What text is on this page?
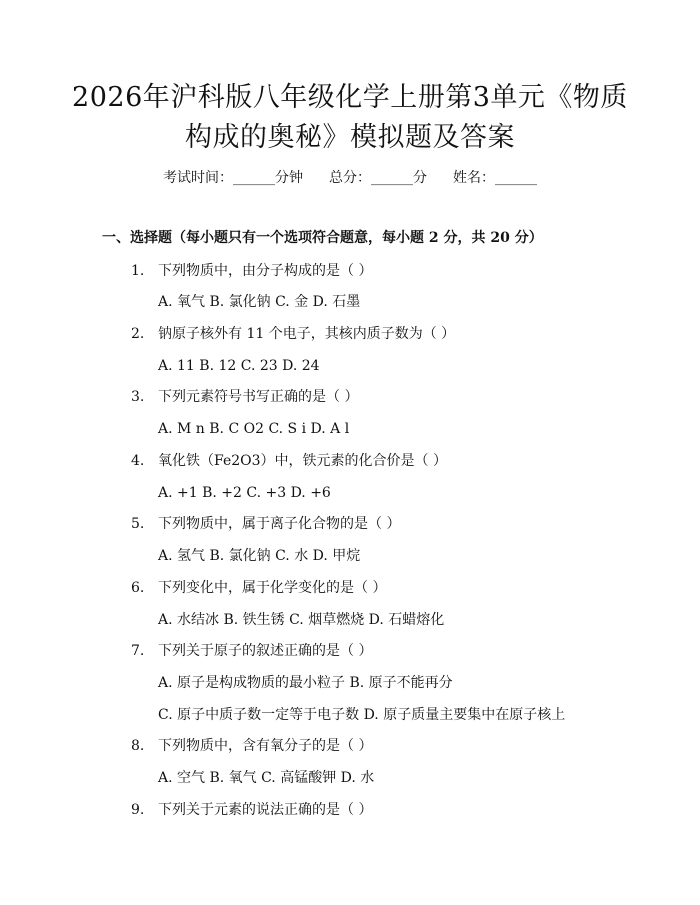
2026年沪科版八年级化学上册第3单元《物质构成的奥秘》模拟题及答案
考试时间：______分钟 总分：______分 姓名：______
一、选择题（每小题只有一个选项符合题意，每小题 2 分，共 20 分）
1. 下列物质中，由分子构成的是（ ）
A. 氧气 B. 氯化钠 C. 金 D. 石墨
2. 钠原子核外有 11 个电子，其核内质子数为（ ）
A. 11 B. 12 C. 23 D. 24
3. 下列元素符号书写正确的是（ ）
A. M n B. C O2 C. S i D. A l
4. 氧化铁（Fe2O3）中，铁元素的化合价是（ ）
A. +1 B. +2 C. +3 D. +6
5. 下列物质中，属于离子化合物的是（ ）
A. 氢气 B. 氯化钠 C. 水 D. 甲烷
6. 下列变化中，属于化学变化的是（ ）
A. 水结冰 B. 铁生锈 C. 烟草燃烧 D. 石蜡熔化
7. 下列关于原子的叙述正确的是（ ）
A. 原子是构成物质的最小粒子 B. 原子不能再分
C. 原子中质子数一定等于电子数 D. 原子质量主要集中在原子核上
8. 下列物质中，含有氧分子的是（ ）
A. 空气 B. 氧气 C. 高锰酸钾 D. 水
9. 下列关于元素的说法正确的是（ ）
